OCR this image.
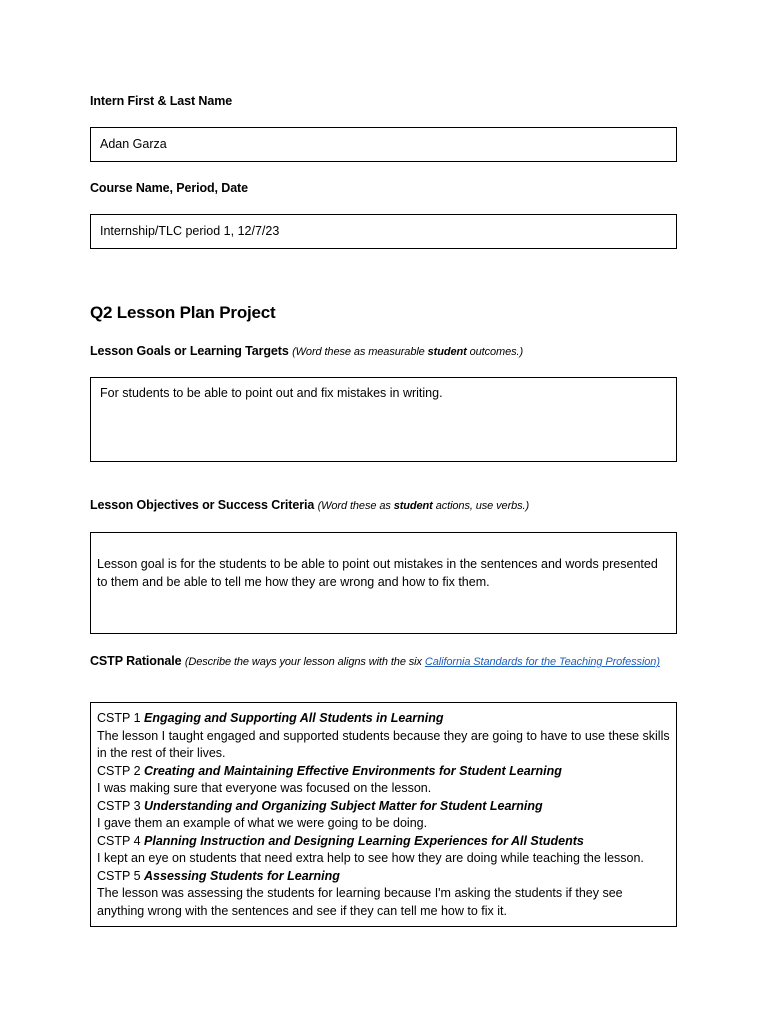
Intern First & Last Name
Adan Garza
Course Name, Period, Date
Internship/TLC period 1, 12/7/23
Q2 Lesson Plan Project
Lesson Goals or Learning Targets (Word these as measurable student outcomes.)
For students to be able to point out and fix mistakes in writing.
Lesson Objectives or Success Criteria (Word these as student actions, use verbs.)
Lesson goal is for the students to be able to point out mistakes in the sentences and words presented to them and be able to tell me how they are wrong and how to fix them.
CSTP Rationale (Describe the ways your lesson aligns with the six California Standards for the Teaching Profession)
CSTP 1 Engaging and Supporting All Students in Learning
The lesson I taught engaged and supported students because they are going to have to use these skills in the rest of their lives.
CSTP 2 Creating and Maintaining Effective Environments for Student Learning
I was making sure that everyone was focused on the lesson.
CSTP 3 Understanding and Organizing Subject Matter for Student Learning
I gave them an example of what we were going to be doing.
CSTP 4 Planning Instruction and Designing Learning Experiences for All Students
I kept an eye on students that need extra help to see how they are doing while teaching the lesson.
CSTP 5 Assessing Students for Learning
The lesson was assessing the students for learning because I'm asking the students if they see anything wrong with the sentences and see if they can tell me how to fix it.
